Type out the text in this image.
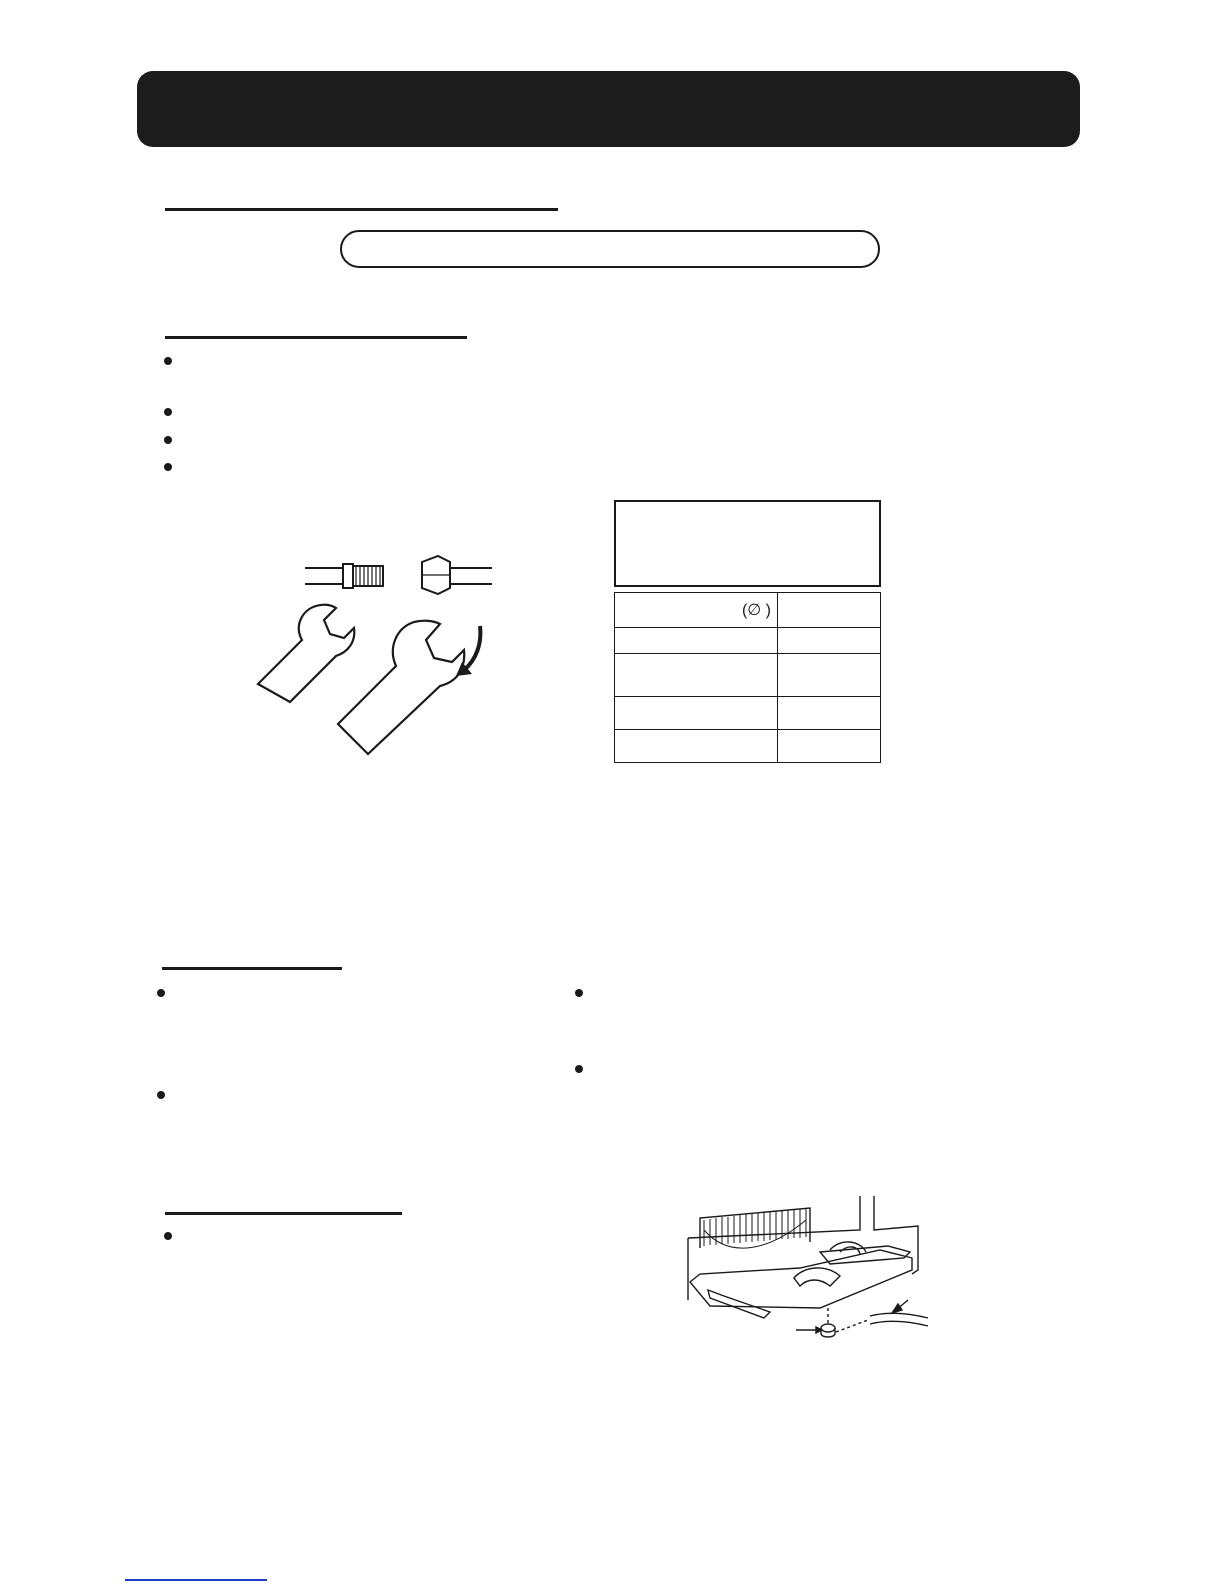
(∅ )	
